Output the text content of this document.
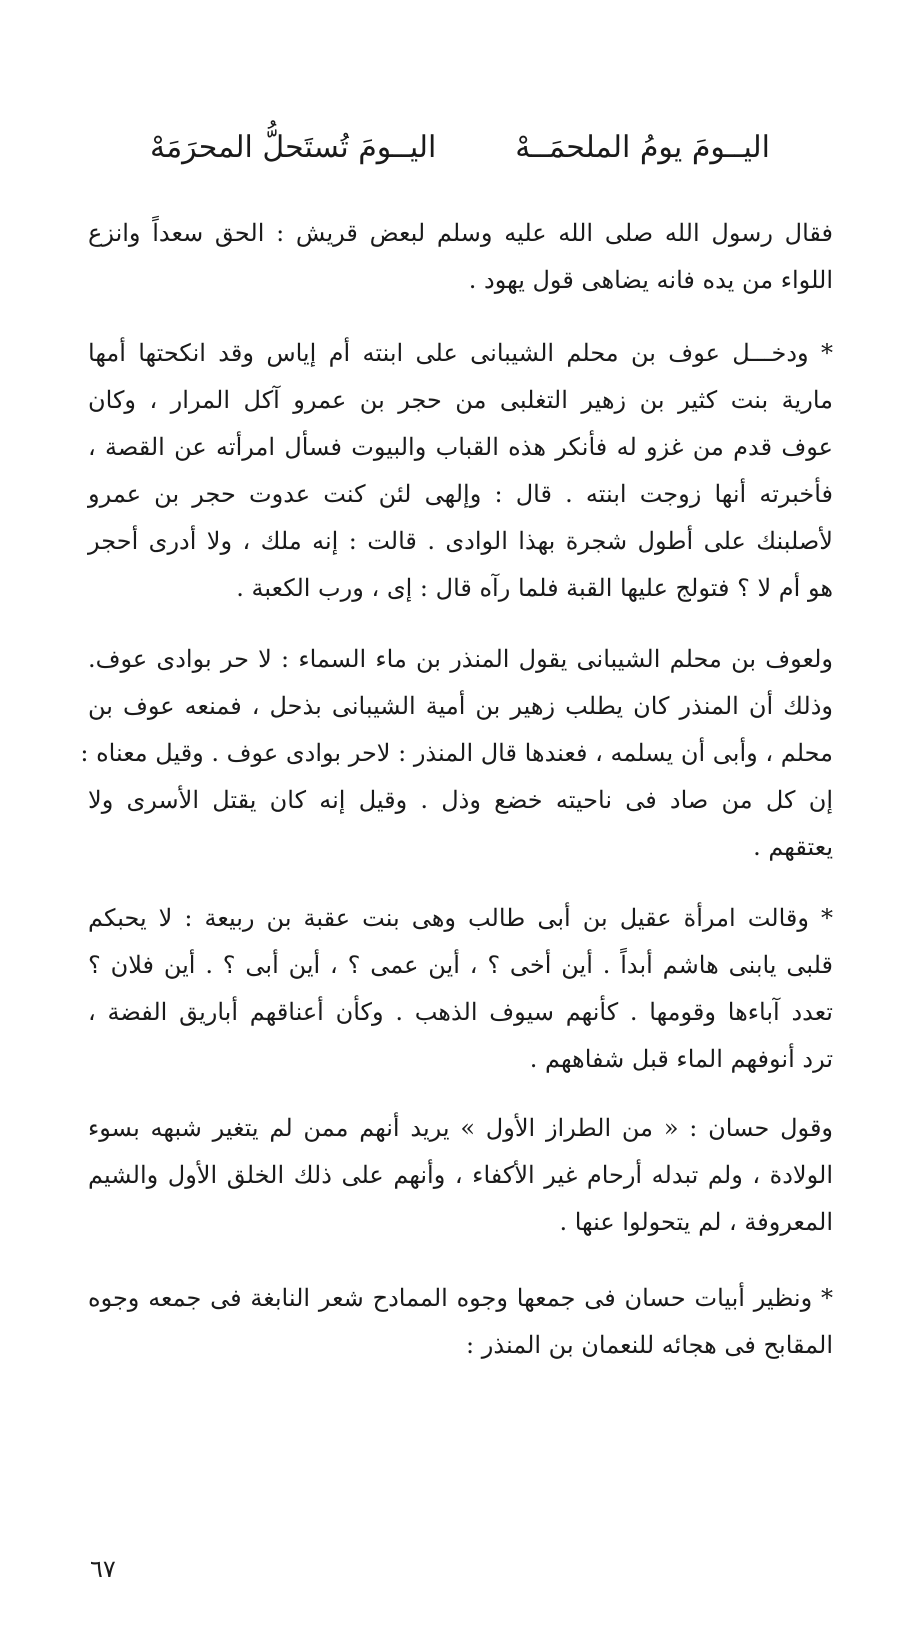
اليــومَ يومُ الملحمَــهْ
اليــومَ تُستَحلُّ المحرَمَهْ
فقال رسول الله صلى الله عليه وسلم لبعض قريش : الحق سعداً وانزع
اللواء من يده فانه يضاهى قول يهود .
* ودخـــل عوف بن محلم الشيبانى على ابنته أم إياس وقد انكحتها أمها
مارية بنت كثير بن زهير التغلبى من حجر بن عمرو آكل المرار ، وكان
عوف قدم من غزو له فأنكر هذه القباب والبيوت فسأل امرأته عن القصة ،
فأخبرته أنها زوجت ابنته . قال : وإلهى لئن كنت عدوت حجر بن عمرو
لأصلبنك على أطول شجرة بهذا الوادى . قالت : إنه ملك ، ولا أدرى أحجر
هو أم لا ؟ فتولج عليها القبة فلما رآه قال : إى ، ورب الكعبة .
ولعوف بن محلم الشيبانى يقول المنذر بن ماء السماء : لا حر بوادى عوف.
وذلك أن المنذر كان يطلب زهير بن أمية الشيبانى بذحل ، فمنعه عوف بن
محلم ، وأبى أن يسلمه ، فعندها قال المنذر : لاحر بوادى عوف . وقيل معناه :
إن كل من صاد فى ناحيته خضع وذل . وقيل إنه كان يقتل الأسرى ولا
يعتقهم .
* وقالت امرأة عقيل بن أبى طالب وهى بنت عقبة بن ربيعة : لا يحبكم
قلبى يابنى هاشم أبداً . أين أخى ؟ ، أين عمى ؟ ، أين أبى ؟ . أين فلان ؟
تعدد آباءها وقومها . كأنهم سيوف الذهب . وكأن أعناقهم أباريق الفضة ،
ترد أنوفهم الماء قبل شفاههم .
وقول حسان : « من الطراز الأول » يريد أنهم ممن لم يتغير شبهه بسوء
الولادة ، ولم تبدله أرحام غير الأكفاء ، وأنهم على ذلك الخلق الأول والشيم
المعروفة ، لم يتحولوا عنها .
* ونظير أبيات حسان فى جمعها وجوه الممادح شعر النابغة فى جمعه وجوه
المقابح فى هجائه للنعمان بن المنذر :
٦٧
